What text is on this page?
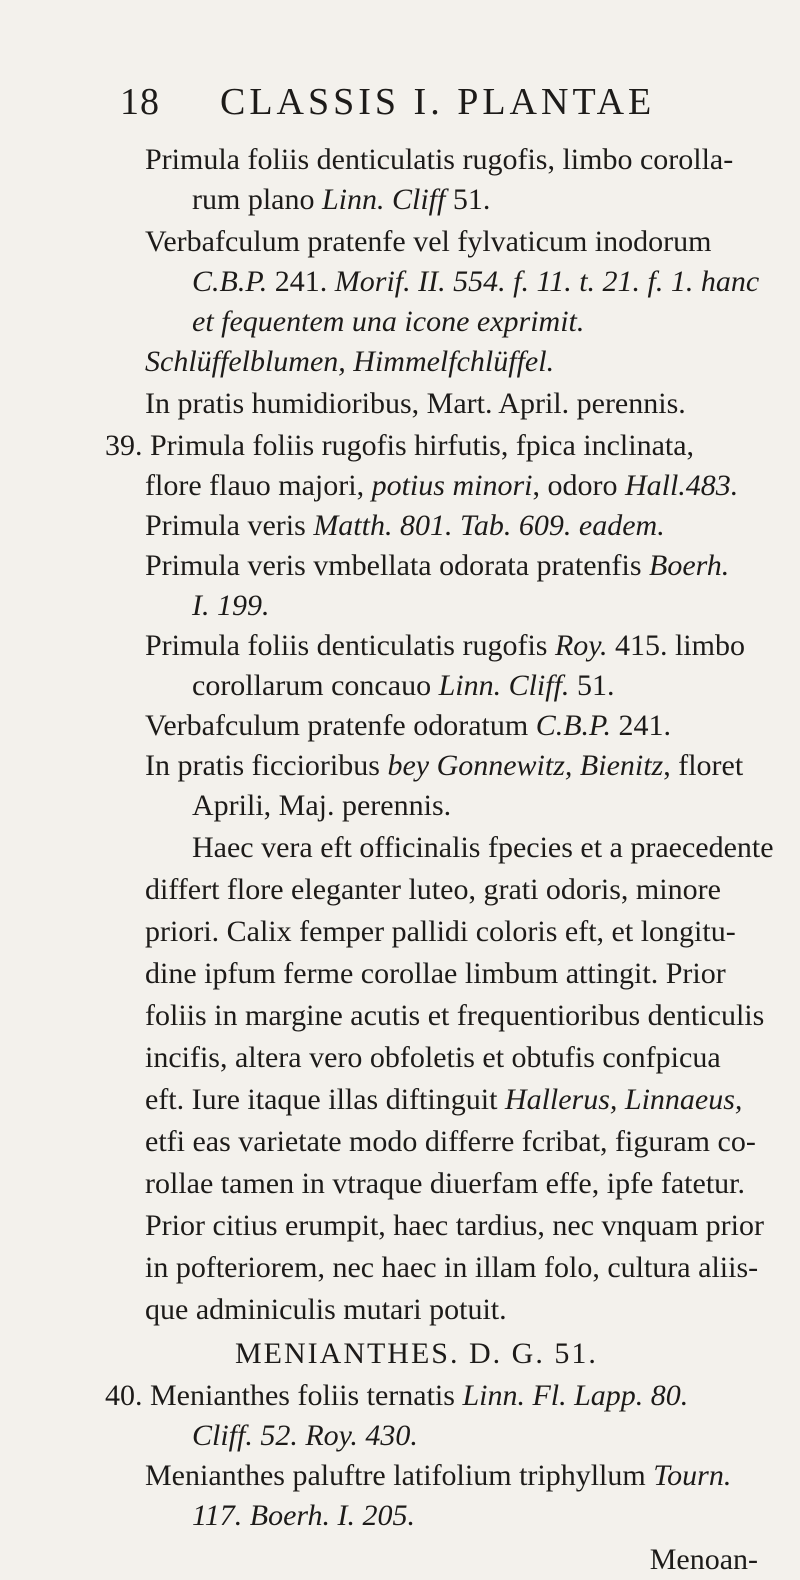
18 CLASSIS I. PLANTAE
Primula foliis denticulatis rugofis, limbo corolla-
rum plano Linn. Cliff 51.
Verbafculum pratenfe vel fylvaticum inodorum
C.B.P. 241. Morif. II. 554. f. 11. t. 21. f. 1. hanc
et fequentem una icone exprimit.
Schlüffelblumen, Himmelfchlüffel.
In pratis humidioribus, Mart. April. perennis.
39. Primula foliis rugofis hirfutis, fpica inclinata,
flore flauo majori, potius minori, odoro Hall.483.
Primula veris Matth. 801. Tab. 609. eadem.
Primula veris vmbellata odorata pratenfis Boerh.
I. 199.
Primula foliis denticulatis rugofis Roy. 415. limbo
corollarum concauo Linn. Cliff. 51.
Verbafculum pratenfe odoratum C.B.P. 241.
In pratis ficcioribus bey Gonnewitz, Bienitz, floret
Aprili, Maj. perennis.
Haec vera eft officinalis fpecies et a praecedente
differt flore eleganter luteo, grati odoris, minore
priori. Calix femper pallidi coloris eft, et longitu-
dine ipfum ferme corollae limbum attingit. Prior
foliis in margine acutis et frequentioribus denticulis
incifis, altera vero obfoletis et obtufis confpicua
eft. Iure itaque illas diftinguit Hallerus, Linnaeus,
etfi eas varietate modo differre fcribat, figuram co-
rollae tamen in vtraque diuerfam effe, ipfe fatetur.
Prior citius erumpit, haec tardius, nec vnquam prior
in pofteriorem, nec haec in illam folo, cultura aliis-
que adminiculis mutari potuit.
MENIANTHES. D. G. 51.
40. Menianthes foliis ternatis Linn. Fl. Lapp. 80.
Cliff. 52. Roy. 430.
Menianthes paluftre latifolium triphyllum Tourn.
117. Boerh. I. 205.
Menoan-
